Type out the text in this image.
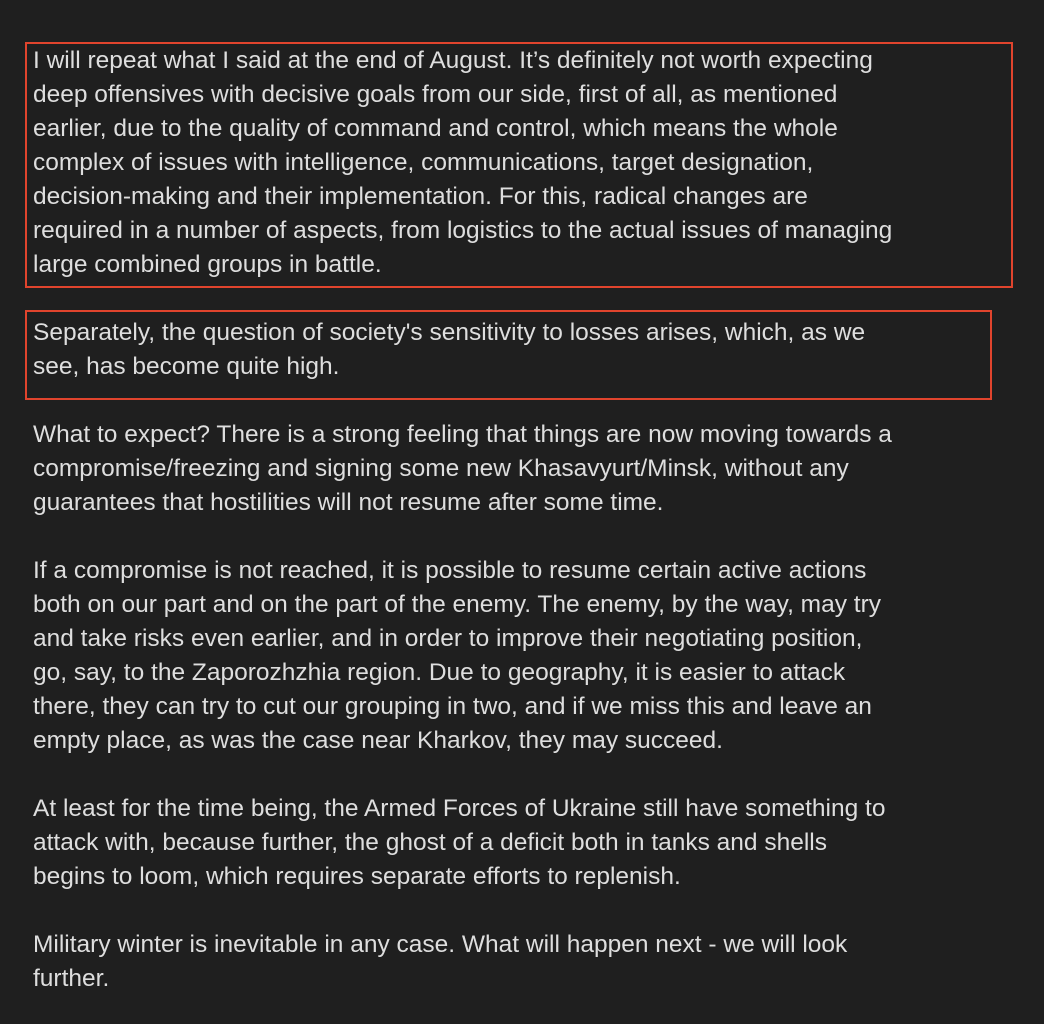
I will repeat what I said at the end of August. It’s definitely not worth expecting
deep offensives with decisive goals from our side, first of all, as mentioned
earlier, due to the quality of command and control, which means the whole
complex of issues with intelligence, communications, target designation,
decision-making and their implementation. For this, radical changes are
required in a number of aspects, from logistics to the actual issues of managing
large combined groups in battle.

Separately, the question of society's sensitivity to losses arises, which, as we
see, has become quite high.

What to expect? There is a strong feeling that things are now moving towards a
compromise/freezing and signing some new Khasavyurt/Minsk, without any
guarantees that hostilities will not resume after some time.

If a compromise is not reached, it is possible to resume certain active actions
both on our part and on the part of the enemy. The enemy, by the way, may try
and take risks even earlier, and in order to improve their negotiating position,
go, say, to the Zaporozhzhia region. Due to geography, it is easier to attack
there, they can try to cut our grouping in two, and if we miss this and leave an
empty place, as was the case near Kharkov, they may succeed.

At least for the time being, the Armed Forces of Ukraine still have something to
attack with, because further, the ghost of a deficit both in tanks and shells
begins to loom, which requires separate efforts to replenish.

Military winter is inevitable in any case. What will happen next - we will look
further.
